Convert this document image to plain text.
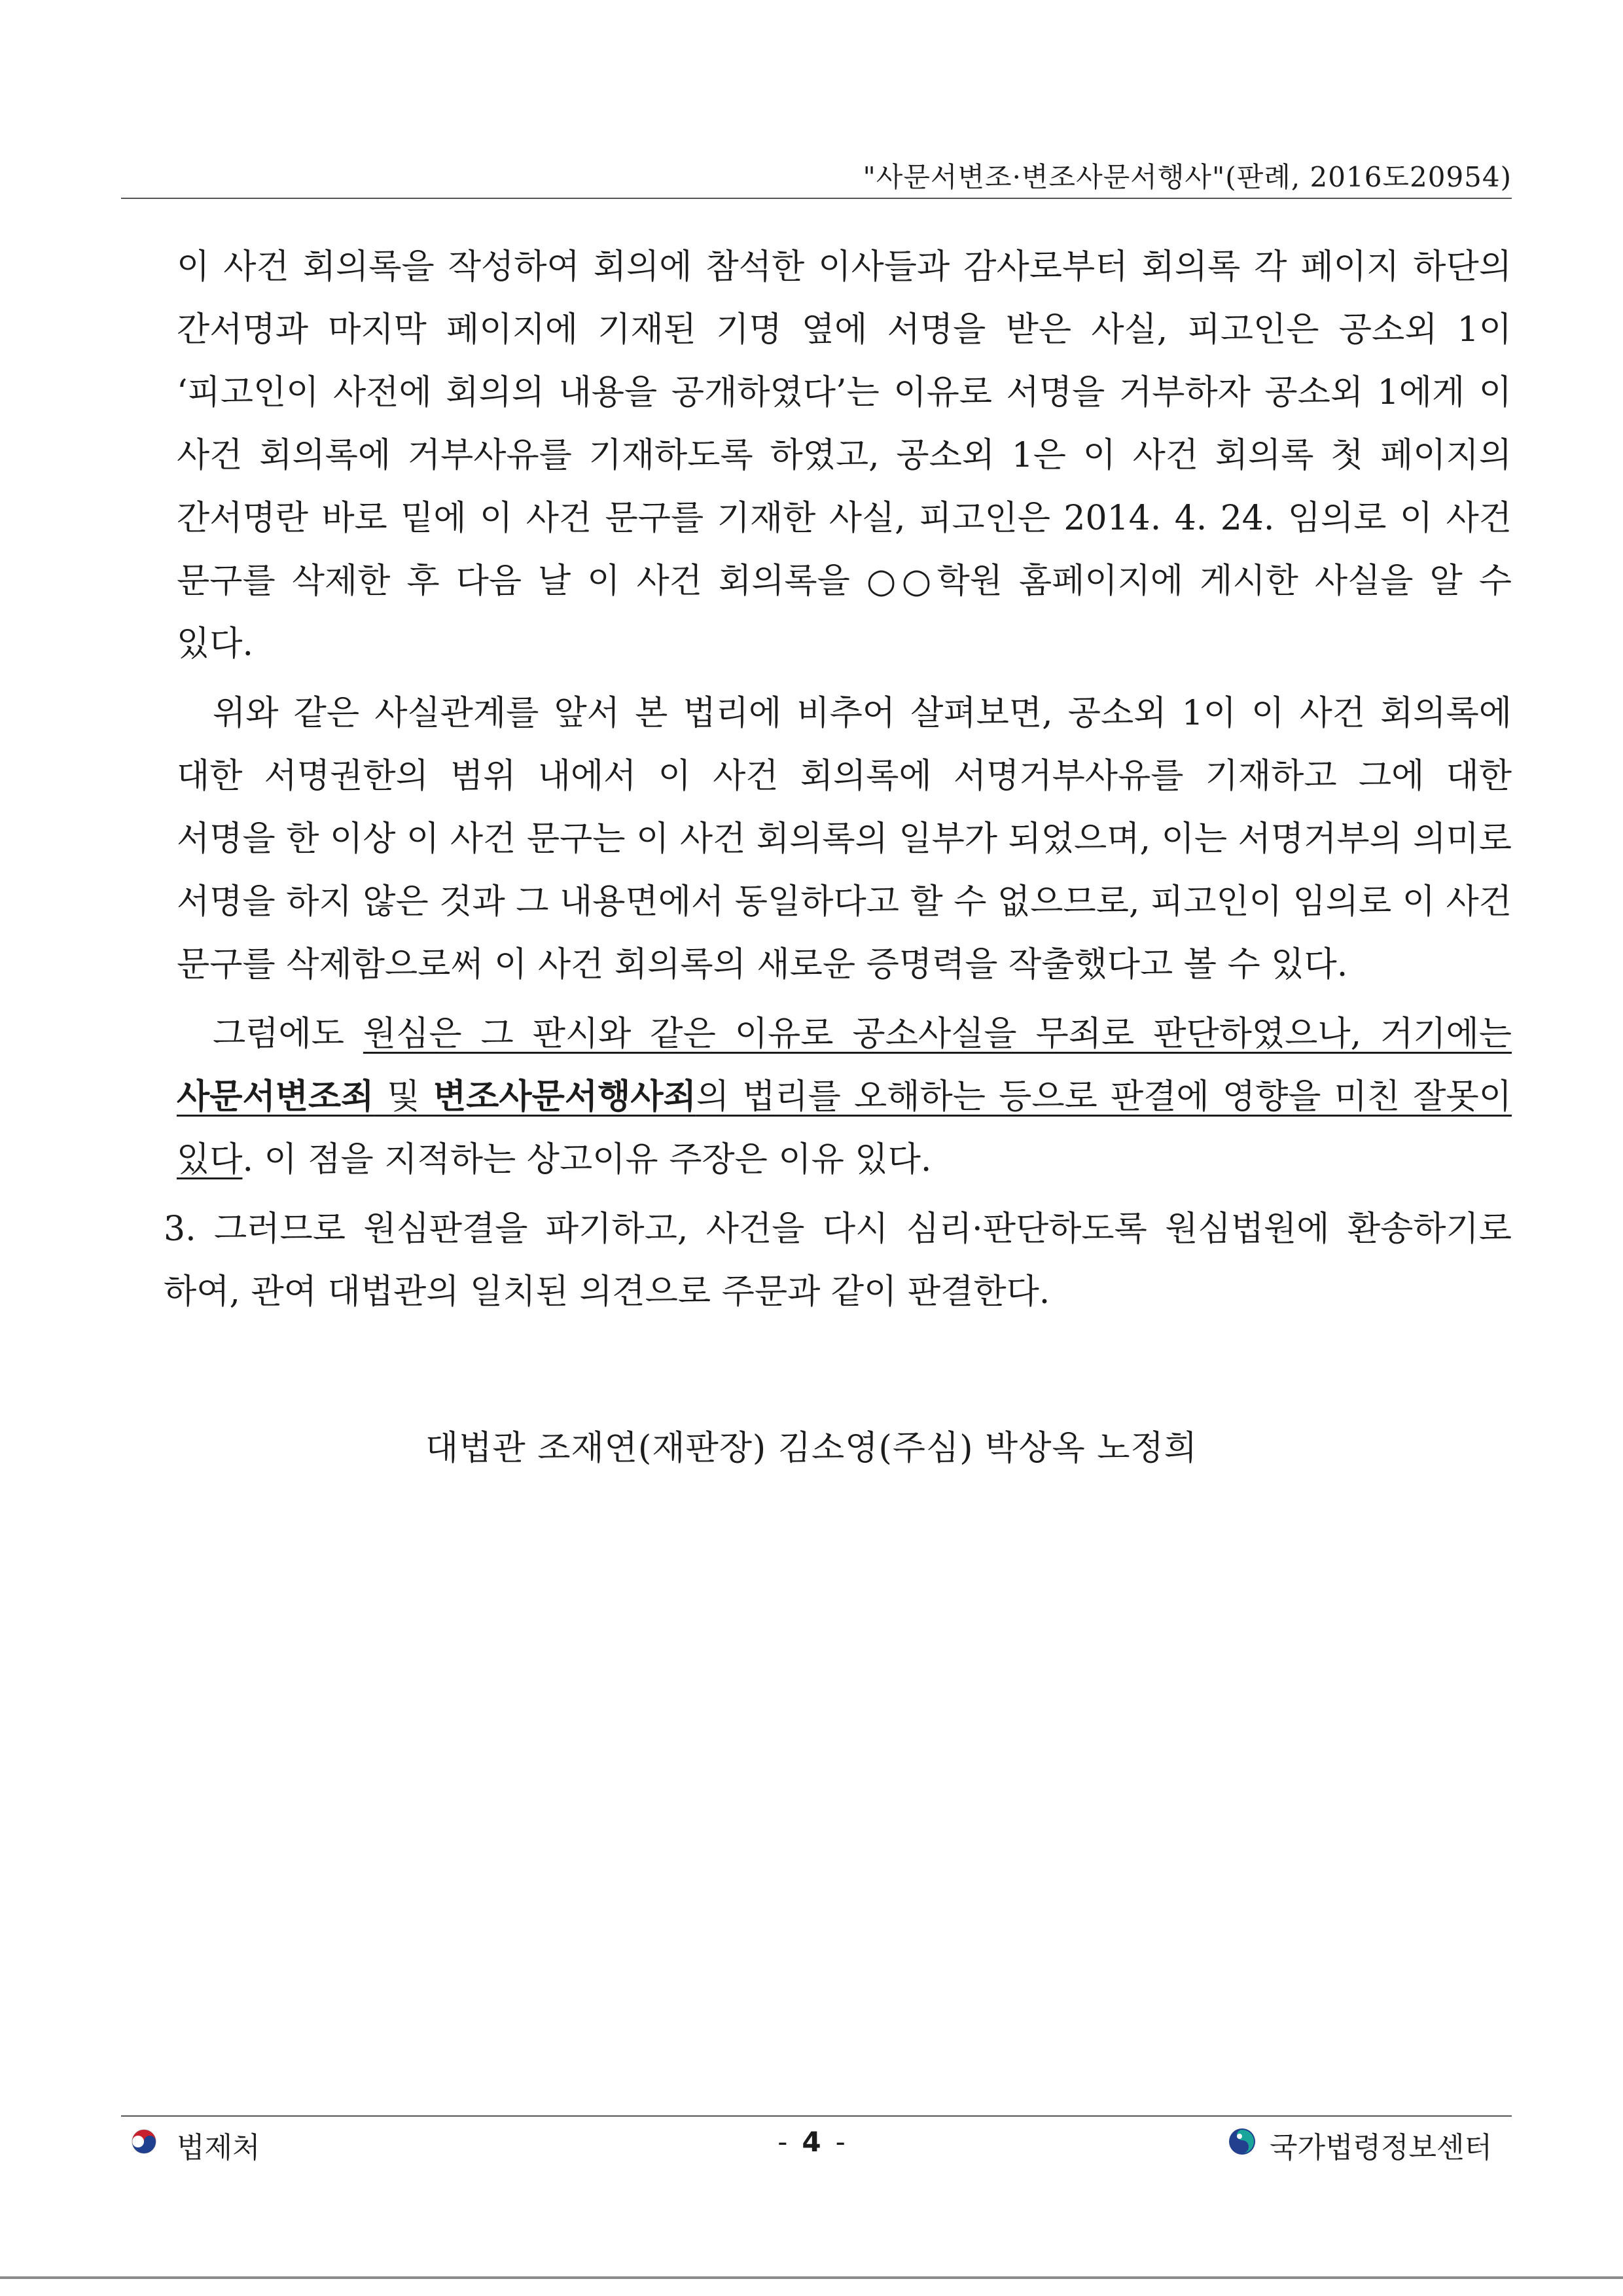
"사문서변조·변조사문서행사"(판례, 2016도20954)

이 사건 회의록을 작성하여 회의에 참석한 이사들과 감사로부터 회의록 각 페이지 하단의 간서명과 마지막 페이지에 기재된 기명 옆에 서명을 받은 사실, 피고인은 공소외 1이 ‘피고인이 사전에 회의의 내용을 공개하였다’는 이유로 서명을 거부하자 공소외 1에게 이 사건 회의록에 거부사유를 기재하도록 하였고, 공소외 1은 이 사건 회의록 첫 페이지의 간서명란 바로 밑에 이 사건 문구를 기재한 사실, 피고인은 2014. 4. 24. 임의로 이 사건 문구를 삭제한 후 다음 날 이 사건 회의록을 ○○학원 홈페이지에 게시한 사실을 알 수 있다.

위와 같은 사실관계를 앞서 본 법리에 비추어 살펴보면, 공소외 1이 이 사건 회의록에 대한 서명권한의 범위 내에서 이 사건 회의록에 서명거부사유를 기재하고 그에 대한 서명을 한 이상 이 사건 문구는 이 사건 회의록의 일부가 되었으며, 이는 서명거부의 의미로 서명을 하지 않은 것과 그 내용면에서 동일하다고 할 수 없으므로, 피고인이 임의로 이 사건 문구를 삭제함으로써 이 사건 회의록의 새로운 증명력을 작출했다고 볼 수 있다.

그럼에도 원심은 그 판시와 같은 이유로 공소사실을 무죄로 판단하였으나, 거기에는 사문서변조죄 및 변조사문서행사죄의 법리를 오해하는 등으로 판결에 영향을 미친 잘못이 있다. 이 점을 지적하는 상고이유 주장은 이유 있다.

3. 그러므로 원심판결을 파기하고, 사건을 다시 심리·판단하도록 원심법원에 환송하기로 하여, 관여 대법관의 일치된 의견으로 주문과 같이 판결한다.

대법관 조재연(재판장) 김소영(주심) 박상옥 노정희
법제처	- 4 -	국가법령정보센터
